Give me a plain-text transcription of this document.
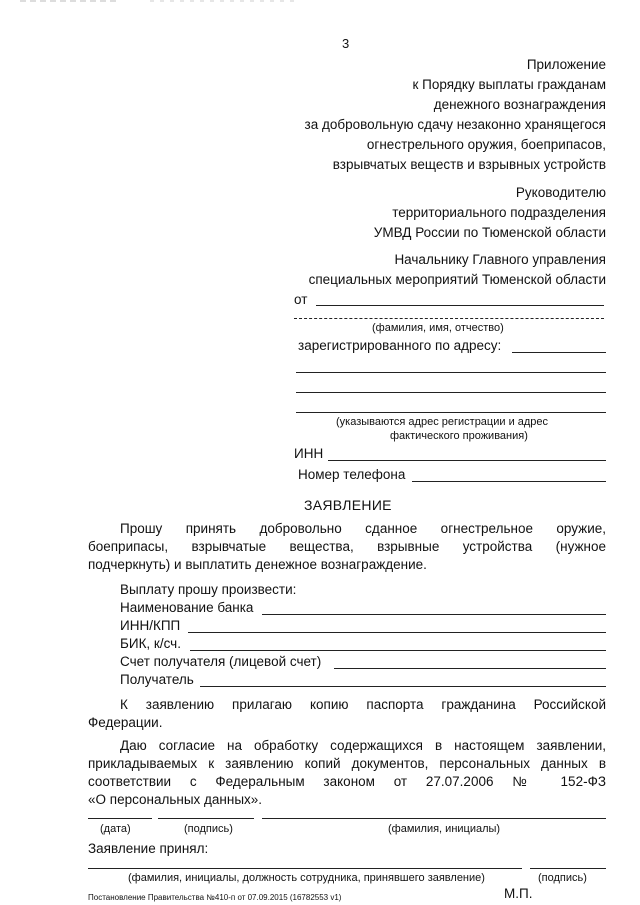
3
Приложение
к Порядку выплаты гражданам
денежного вознаграждения
за добровольную сдачу незаконно хранящегося
огнестрельного оружия, боеприпасов,
взрывчатых веществ и взрывных устройств
Руководителю
территориального подразделения
УМВД России по Тюменской области
Начальнику Главного управления
специальных мероприятий Тюменской области
от
(фамилия, имя, отчество)
зарегистрированного по адресу:
(указываются адрес регистрации и адрес
фактического проживания)
ИНН
Номер телефона
ЗАЯВЛЕНИЕ
Прошу принять добровольно сданное огнестрельное оружие,
боеприпасы, взрывчатые вещества, взрывные устройства (нужное
подчеркнуть) и выплатить денежное вознаграждение.
Выплату прошу произвести:
Наименование банка
ИНН/КПП
БИК, к/сч.
Счет получателя (лицевой счет)
Получатель
К заявлению прилагаю копию паспорта гражданина Российской
Федерации.
Даю согласие на обработку содержащихся в настоящем заявлении,
прикладываемых к заявлению копий документов, персональных данных в
соответствии с Федеральным законом от 27.07.2006 № 152-ФЗ
«О персональных данных».
(дата)	(подпись)	(фамилия, инициалы)
Заявление принял:
(фамилия, инициалы, должность сотрудника, принявшего заявление)	(подпись)
М.П.
Постановление Правительства №410-п от 07.09.2015 (16782553 v1)
